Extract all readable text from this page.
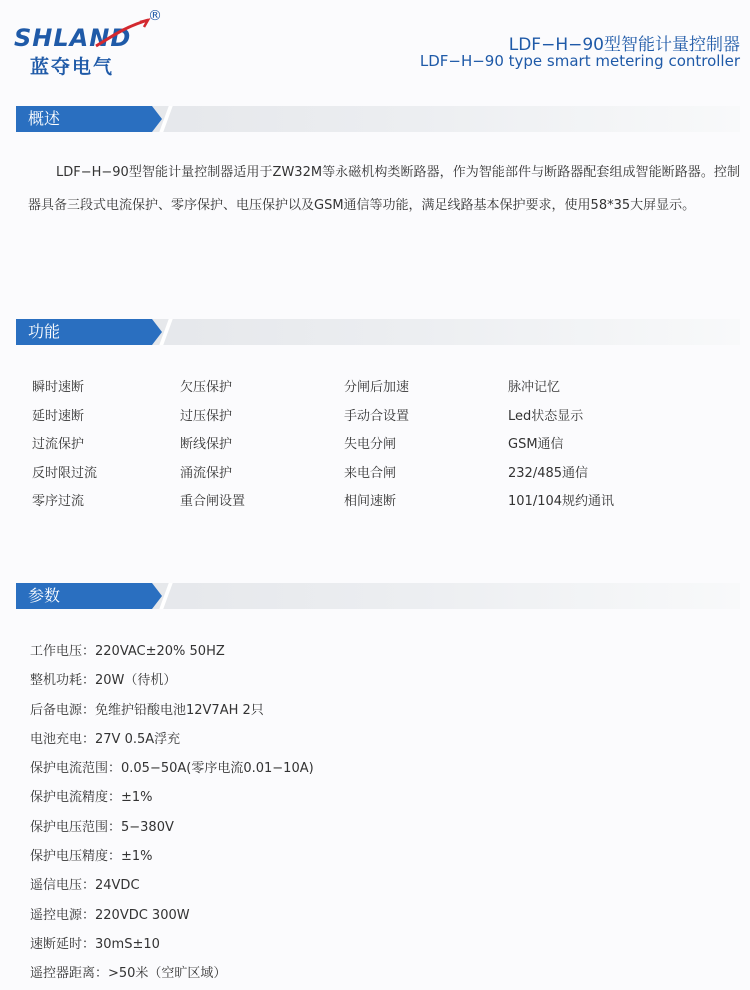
SHLAND
®
蓝夺电气
LDF−H−90型智能计量控制器
LDF−H−90 type smart metering controller
概述
LDF−H−90型智能计量控制器适用于ZW32M等永磁机构类断路器，作为智能部件与断路器配套组成智能断路器。控制器具备三段式电流保护、零序保护、电压保护以及GSM通信等功能，满足线路基本保护要求，使用58*35大屏显示。
功能
瞬时速断
延时速断
过流保护
反时限过流
零序过流
欠压保护
过压保护
断线保护
涌流保护
重合闸设置
分闸后加速
手动合设置
失电分闸
来电合闸
相间速断
脉冲记忆
Led状态显示
GSM通信
232/485通信
101/104规约通讯
参数
工作电压：220VAC±20% 50HZ
整机功耗：20W（待机）
后备电源：免维护铅酸电池12V7AH 2只
电池充电：27V 0.5A浮充
保护电流范围：0.05−50A(零序电流0.01−10A)
保护电流精度：±1%
保护电压范围：5−380V
保护电压精度：±1%
遥信电压：24VDC
遥控电源：220VDC 300W
速断延时：30mS±10
遥控器距离：>50米（空旷区域）
